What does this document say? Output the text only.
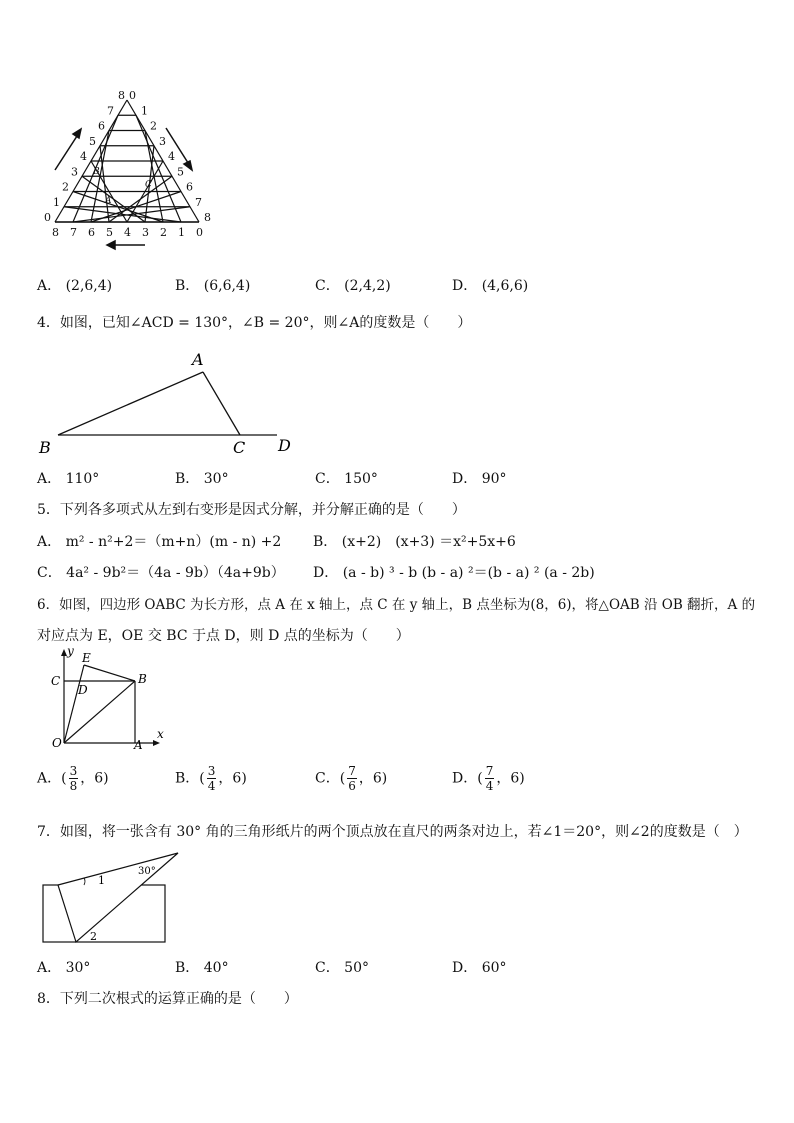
0
1
2
3
4
5
6
7
8 0
1
2
3
4
5
6
7
8
8 7 6 5 4 3 2 1 0
B
A
C
A． (2,6,4)	B． (6,6,4)	C． (2,4,2)	D． (4,6,6)
4．如图，已知∠ACD = 130°，∠B = 20°，则∠A的度数是（　　）
A
B	C D
A． 110°	B． 30°	C． 150°	D． 90°
5．下列各多项式从左到右变形是因式分解，并分解正确的是（　　）
A． m² - n²+2＝（m+n）(m - n) +2 B． (x+2)　(x+3) ＝x²+5x+6
C． 4a² - 9b²＝（4a - 9b）（4a+9b） D． (a - b) ³ - b (b - a) ²＝(b - a) ² (a - 2b)
6．如图，四边形 OABC 为长方形，点 A 在 x 轴上，点 C 在 y 轴上，B 点坐标为(8，6)，将△OAB 沿 OB 翻折，A 的
对应点为 E，OE 交 BC 于点 D，则 D 点的坐标为（　　）
y
x
E
C
D
B
O	A
A．( $\frac{3}{8}$ ，6)	B．( $\frac{3}{4}$ ，6)	C．( $\frac{7}{6}$ ，6)	D．( $\frac{7}{4}$ ，6)
7．如图，将一张含有 30° 角的三角形纸片的两个顶点放在直尺的两条对边上，若∠1＝20°，则∠2的度数是（　）
30°
1
2
A． 30°	B． 40°	C． 50°	D． 60°
8．下列二次根式的运算正确的是（　　）
